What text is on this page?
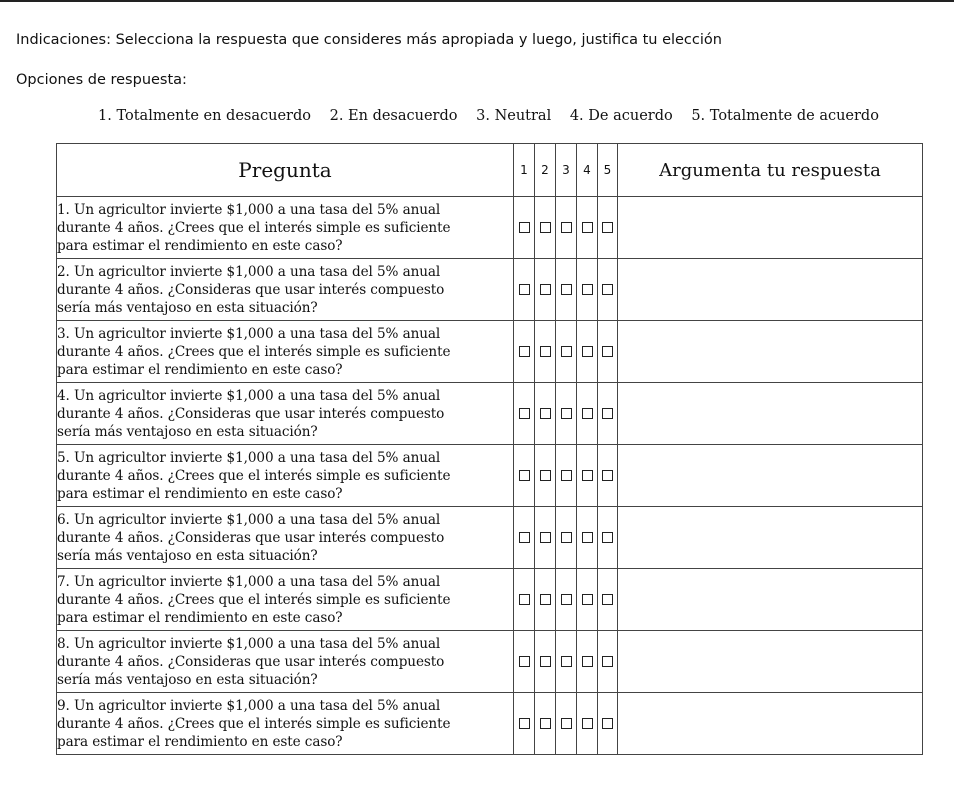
Indicaciones: Selecciona la respuesta que consideres más apropiada y luego, justifica tu elección
Opciones de respuesta:
1. Totalmente en desacuerdo 2. En desacuerdo 3. Neutral 4. De acuerdo 5. Totalmente de acuerdo
Pregunta	1	2	3	4	5	Argumenta tu respuesta
1. Un agricultor invierte $1,000 a una tasa del 5% anual
durante 4 años. ¿Crees que el interés simple es suficiente
para estimar el rendimiento en este caso?						
2. Un agricultor invierte $1,000 a una tasa del 5% anual
durante 4 años. ¿Consideras que usar interés compuesto
sería más ventajoso en esta situación?						
3. Un agricultor invierte $1,000 a una tasa del 5% anual
durante 4 años. ¿Crees que el interés simple es suficiente
para estimar el rendimiento en este caso?						
4. Un agricultor invierte $1,000 a una tasa del 5% anual
durante 4 años. ¿Consideras que usar interés compuesto
sería más ventajoso en esta situación?						
5. Un agricultor invierte $1,000 a una tasa del 5% anual
durante 4 años. ¿Crees que el interés simple es suficiente
para estimar el rendimiento en este caso?						
6. Un agricultor invierte $1,000 a una tasa del 5% anual
durante 4 años. ¿Consideras que usar interés compuesto
sería más ventajoso en esta situación?						
7. Un agricultor invierte $1,000 a una tasa del 5% anual
durante 4 años. ¿Crees que el interés simple es suficiente
para estimar el rendimiento en este caso?						
8. Un agricultor invierte $1,000 a una tasa del 5% anual
durante 4 años. ¿Consideras que usar interés compuesto
sería más ventajoso en esta situación?						
9. Un agricultor invierte $1,000 a una tasa del 5% anual
durante 4 años. ¿Crees que el interés simple es suficiente
para estimar el rendimiento en este caso?						
